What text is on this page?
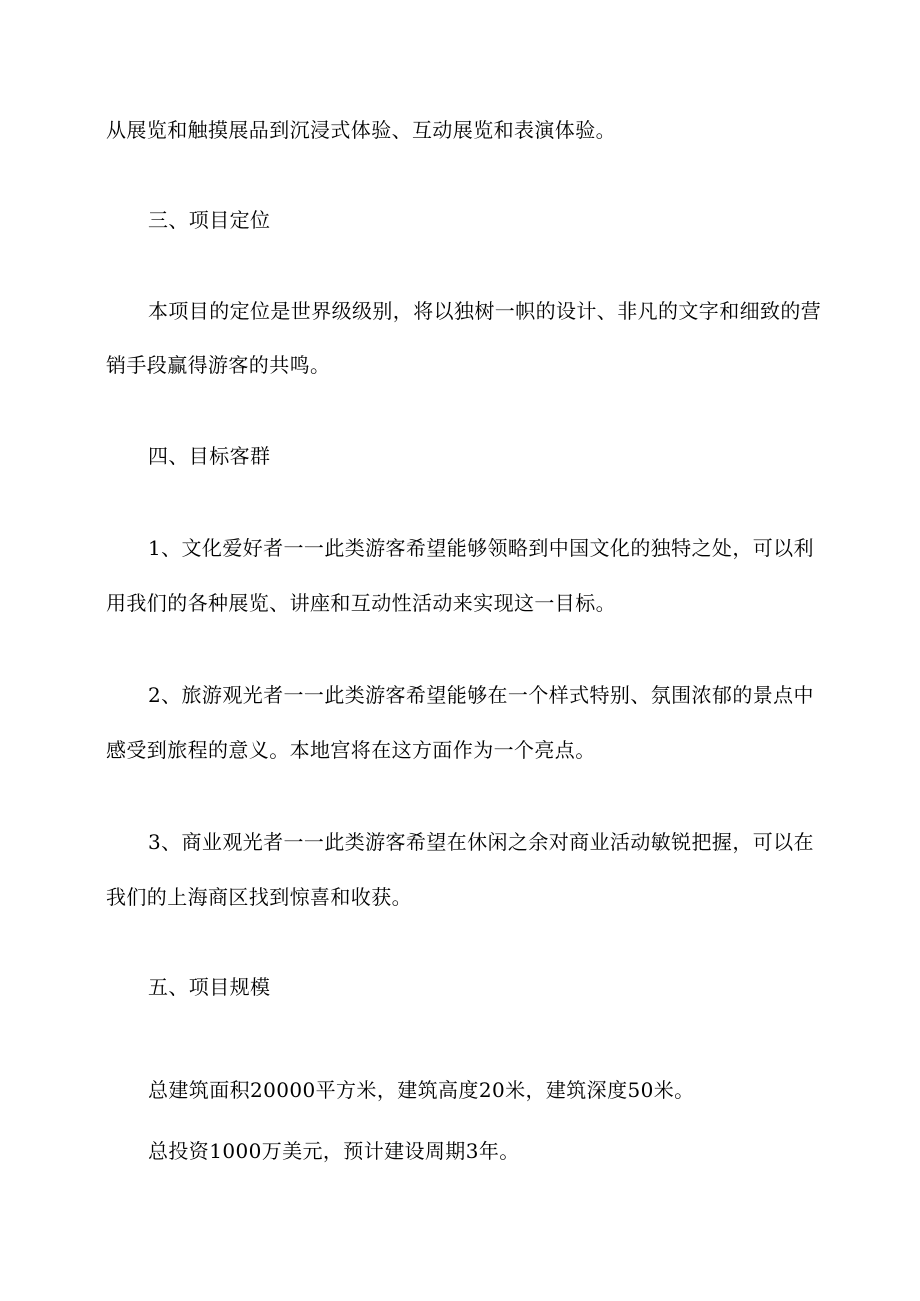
从展览和触摸展品到沉浸式体验、互动展览和表演体验。
三、项目定位
本项目的定位是世界级级别，将以独树一帜的设计、非凡的文字和细致的营
销手段赢得游客的共鸣。
四、目标客群
1、文化爱好者一一此类游客希望能够领略到中国文化的独特之处，可以利
用我们的各种展览、讲座和互动性活动来实现这一目标。
2、旅游观光者一一此类游客希望能够在一个样式特别、氛围浓郁的景点中
感受到旅程的意义。本地宫将在这方面作为一个亮点。
3、商业观光者一一此类游客希望在休闲之余对商业活动敏锐把握，可以在
我们的上海商区找到惊喜和收获。
五、项目规模
总建筑面积20000平方米，建筑高度20米，建筑深度50米。
总投资1000万美元，预计建设周期3年。
